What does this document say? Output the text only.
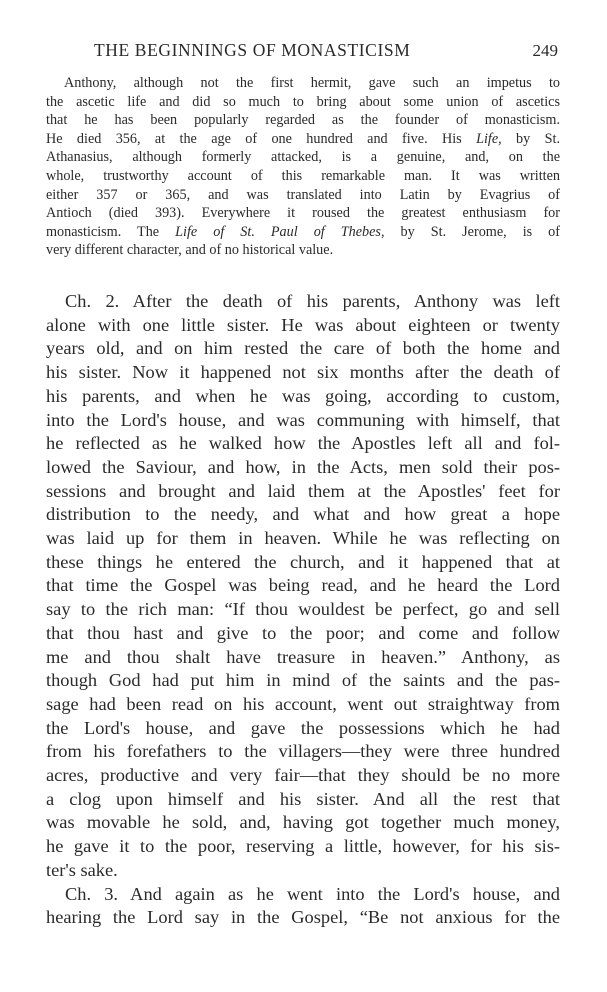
THE BEGINNINGS OF MONASTICISM	249
Anthony, although not the first hermit, gave such an impetus to
the ascetic life and did so much to bring about some union of ascetics
that he has been popularly regarded as the founder of monasticism.
He died 356, at the age of one hundred and five. His Life, by St.
Athanasius, although formerly attacked, is a genuine, and, on the
whole, trustworthy account of this remarkable man. It was written
either 357 or 365, and was translated into Latin by Evagrius of
Antioch (died 393). Everywhere it roused the greatest enthusiasm for
monasticism. The Life of St. Paul of Thebes, by St. Jerome, is of
very different character, and of no historical value.
Ch. 2. After the death of his parents, Anthony was left
alone with one little sister. He was about eighteen or twenty
years old, and on him rested the care of both the home and
his sister. Now it happened not six months after the death of
his parents, and when he was going, according to custom,
into the Lord's house, and was communing with himself, that
he reflected as he walked how the Apostles left all and fol-
lowed the Saviour, and how, in the Acts, men sold their pos-
sessions and brought and laid them at the Apostles' feet for
distribution to the needy, and what and how great a hope
was laid up for them in heaven. While he was reflecting on
these things he entered the church, and it happened that at
that time the Gospel was being read, and he heard the Lord
say to the rich man: “If thou wouldest be perfect, go and sell
that thou hast and give to the poor; and come and follow
me and thou shalt have treasure in heaven.” Anthony, as
though God had put him in mind of the saints and the pas-
sage had been read on his account, went out straightway from
the Lord's house, and gave the possessions which he had
from his forefathers to the villagers—they were three hundred
acres, productive and very fair—that they should be no more
a clog upon himself and his sister. And all the rest that
was movable he sold, and, having got together much money,
he gave it to the poor, reserving a little, however, for his sis-
ter's sake.
Ch. 3. And again as he went into the Lord's house, and
hearing the Lord say in the Gospel, “Be not anxious for the
